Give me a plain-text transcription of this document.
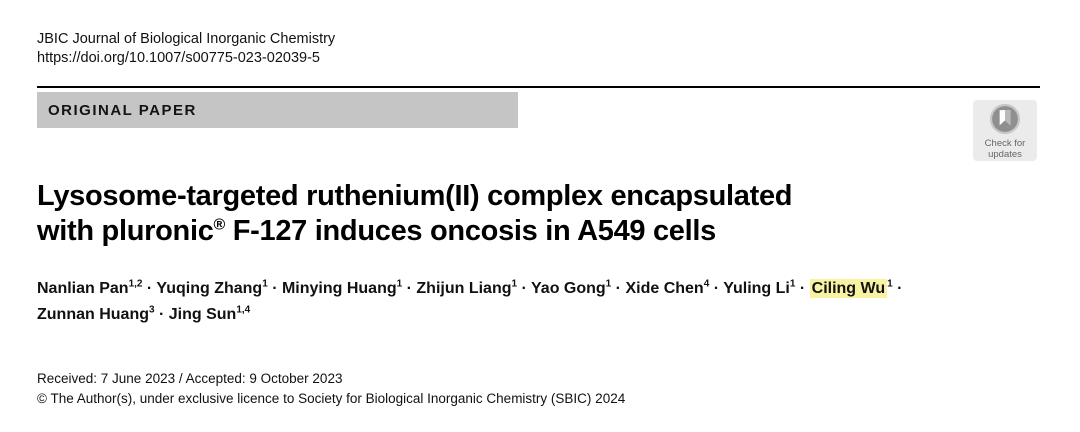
JBIC Journal of Biological Inorganic Chemistry
https://doi.org/10.1007/s00775-023-02039-5
ORIGINAL PAPER
Check for
updates
Lysosome-targeted ruthenium(II) complex encapsulated
with pluronic® F-127 induces oncosis in A549 cells
Nanlian Pan$^{1,2}$ · Yuqing Zhang$^1$ · Minying Huang$^1$ · Zhijun Liang$^1$ · Yao Gong$^1$ · Xide Chen$^4$ · Yuling $Li^1$ · Ciling Wu $^1$ ·
Zunnan Huang$^3$ · Jing Sun$^{1,4}$
Received: 7 June 2023 / Accepted: 9 October 2023
© The Author(s), under exclusive licence to Society for Biological Inorganic Chemistry (SBIC) 2024
